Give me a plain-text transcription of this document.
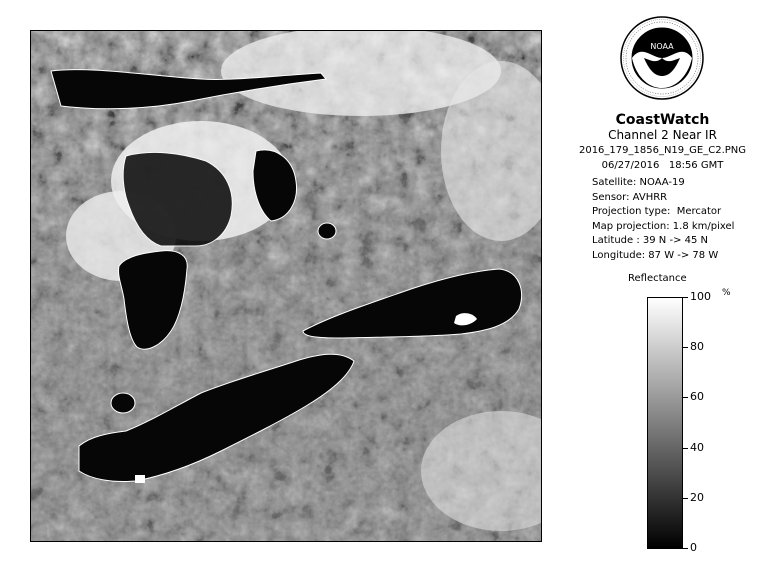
NOAA
CoastWatch
Channel 2 Near IR
2016_179_1856_N19_GE_C2.PNG
06/27/2016   18:56 GMT
Satellite: NOAA-19
Sensor: AVHRR
Projection type: Mercator
Map projection: 1.8 km/pixel
Latitude : 39 N -> 45 N
Longitude: 87 W -> 78 W
Reflectance
%
100
80
60
40
20
0
